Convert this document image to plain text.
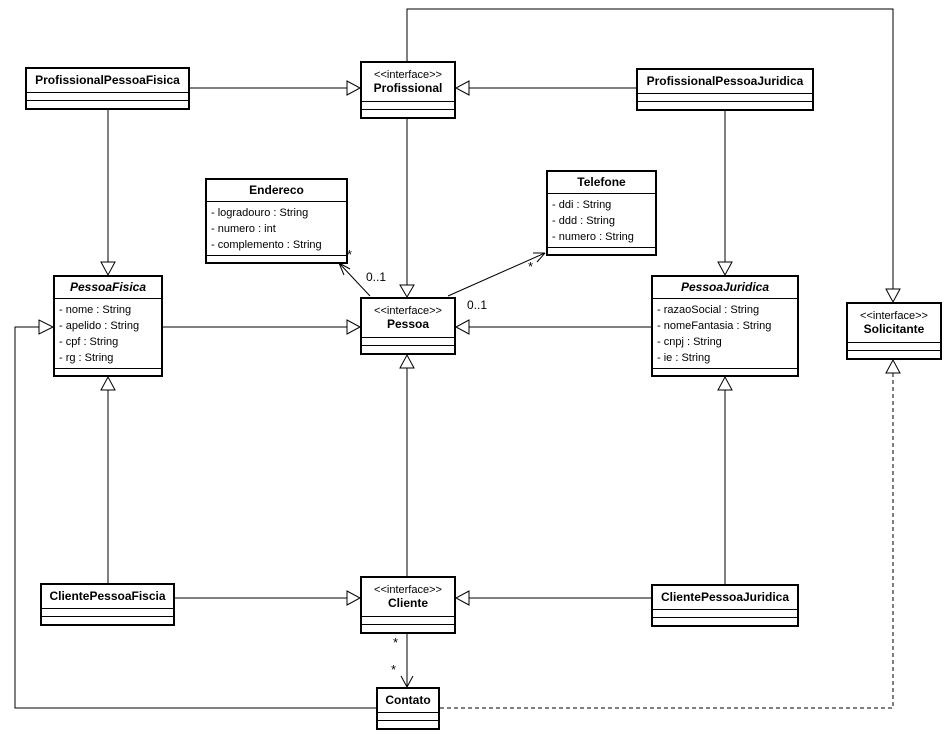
ProfissionalPessoaFisica	<<interface>>
Profissional	ProfissionalPessoaJuridica
Endereco
- logradouro : String
- numero : int
- complemento : String
Telefone
- ddi : String
- ddd : String
- numero : String
PessoaFisica
- nome : String
- apelido : String
- cpf : String
- rg : String
<<interface>>
Pessoa
PessoaJuridica
- razaoSocial : String
- nomeFantasia : String
- cnpj : String
- ie : String
<<interface>>
Solicitante
ClientePessoaFiscia	<<interface>>
Cliente	ClientePessoaJuridica
Contato
*
0..1
*
0..1
*
*
